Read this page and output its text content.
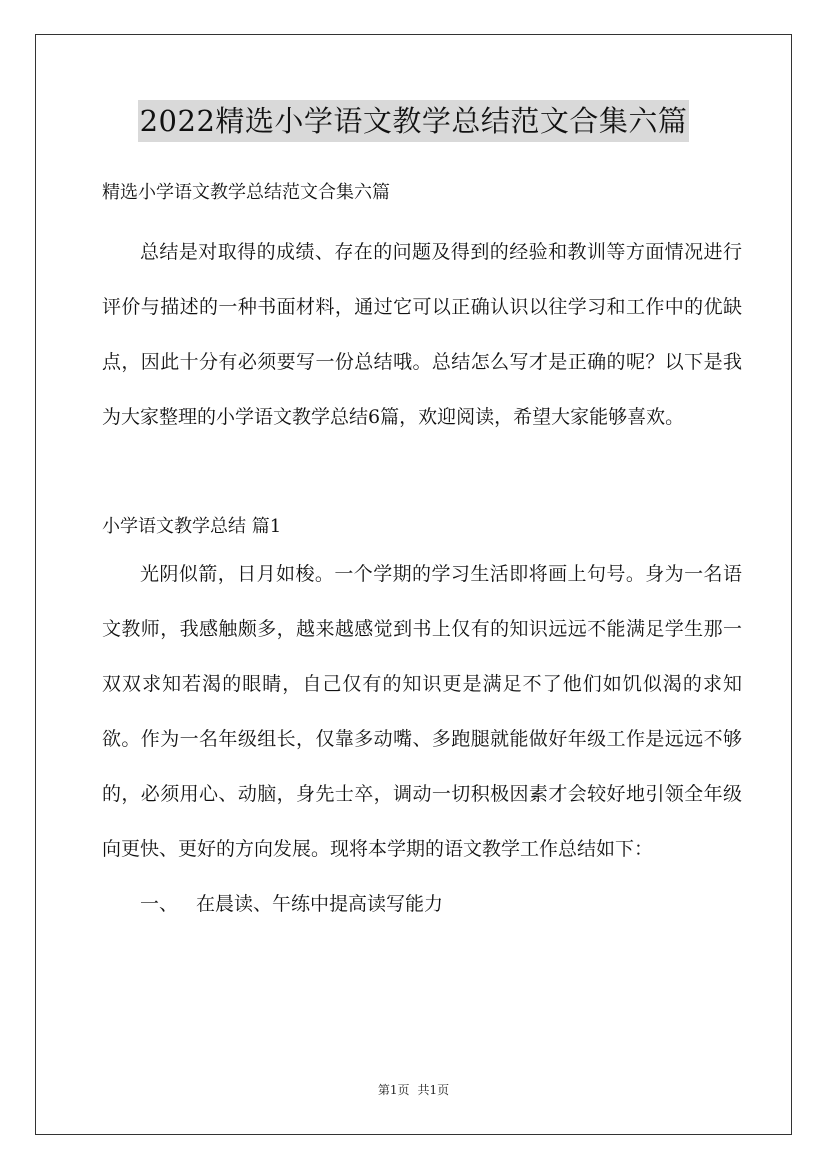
2022精选小学语文教学总结范文合集六篇

精选小学语文教学总结范文合集六篇

总结是对取得的成绩、存在的问题及得到的经验和教训等方面情况进行评价与描述的一种书面材料，通过它可以正确认识以往学习和工作中的优缺点，因此十分有必须要写一份总结哦。总结怎么写才是正确的呢？以下是我为大家整理的小学语文教学总结6篇，欢迎阅读，希望大家能够喜欢。

小学语文教学总结 篇1

光阴似箭，日月如梭。一个学期的学习生活即将画上句号。身为一名语文教师，我感触颇多，越来越感觉到书上仅有的知识远远不能满足学生那一双双求知若渴的眼睛，自己仅有的知识更是满足不了他们如饥似渴的求知欲。作为一名年级组长，仅靠多动嘴、多跑腿就能做好年级工作是远远不够的，必须用心、动脑，身先士卒，调动一切积极因素才会较好地引领全年级向更快、更好的方向发展。现将本学期的语文教学工作总结如下：

一、 在晨读、午练中提高读写能力

第1页 共1页
